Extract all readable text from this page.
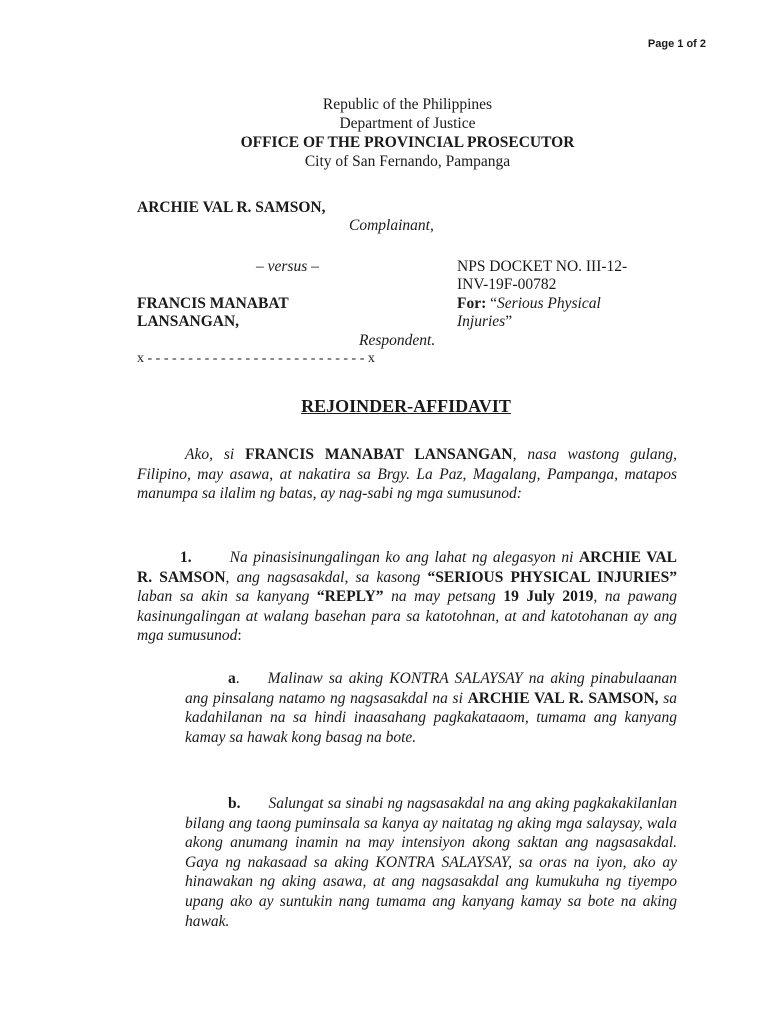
Page 1 of 2
Republic of the Philippines
Department of Justice
OFFICE OF THE PROVINCIAL PROSECUTOR
City of San Fernando, Pampanga
ARCHIE VAL R. SAMSON,
Complainant,
– versus –
FRANCIS MANABAT
LANSANGAN,
Respondent.
x - - - - - - - - - - - - - - - - - - - - - - - - - - - x
NPS DOCKET NO. III-12-
INV-19F-00782
For: “Serious Physical
Injuries”
REJOINDER-AFFIDAVIT
Ako, si FRANCIS MANABAT LANSANGAN, nasa wastong gulang, Filipino, may asawa, at nakatira sa Brgy. La Paz, Magalang, Pampanga, matapos manumpa sa ilalim ng batas, ay nag-sabi ng mga sumusunod:
1. Na pinasisinungalingan ko ang lahat ng alegasyon ni ARCHIE VAL R. SAMSON, ang nagsasakdal, sa kasong “SERIOUS PHYSICAL INJURIES” laban sa akin sa kanyang “REPLY” na may petsang 19 July 2019, na pawang kasinungalingan at walang basehan para sa katotohnan, at and katotohanan ay ang mga sumusunod:
a. Malinaw sa aking KONTRA SALAYSAY na aking pinabulaanan ang pinsalang natamo ng nagsasakdal na si ARCHIE VAL R. SAMSON, sa kadahilanan na sa hindi inaasahang pagkakataaom, tumama ang kanyang kamay sa hawak kong basag na bote.
b. Salungat sa sinabi ng nagsasakdal na ang aking pagkakakilanlan bilang ang taong puminsala sa kanya ay naitatag ng aking mga salaysay, wala akong anumang inamin na may intensiyon akong saktan ang nagsasakdal. Gaya ng nakasaad sa aking KONTRA SALAYSAY, sa oras na iyon, ako ay hinawakan ng aking asawa, at ang nagsasakdal ang kumukuha ng tiyempo upang ako ay suntukin nang tumama ang kanyang kamay sa bote na aking hawak.
